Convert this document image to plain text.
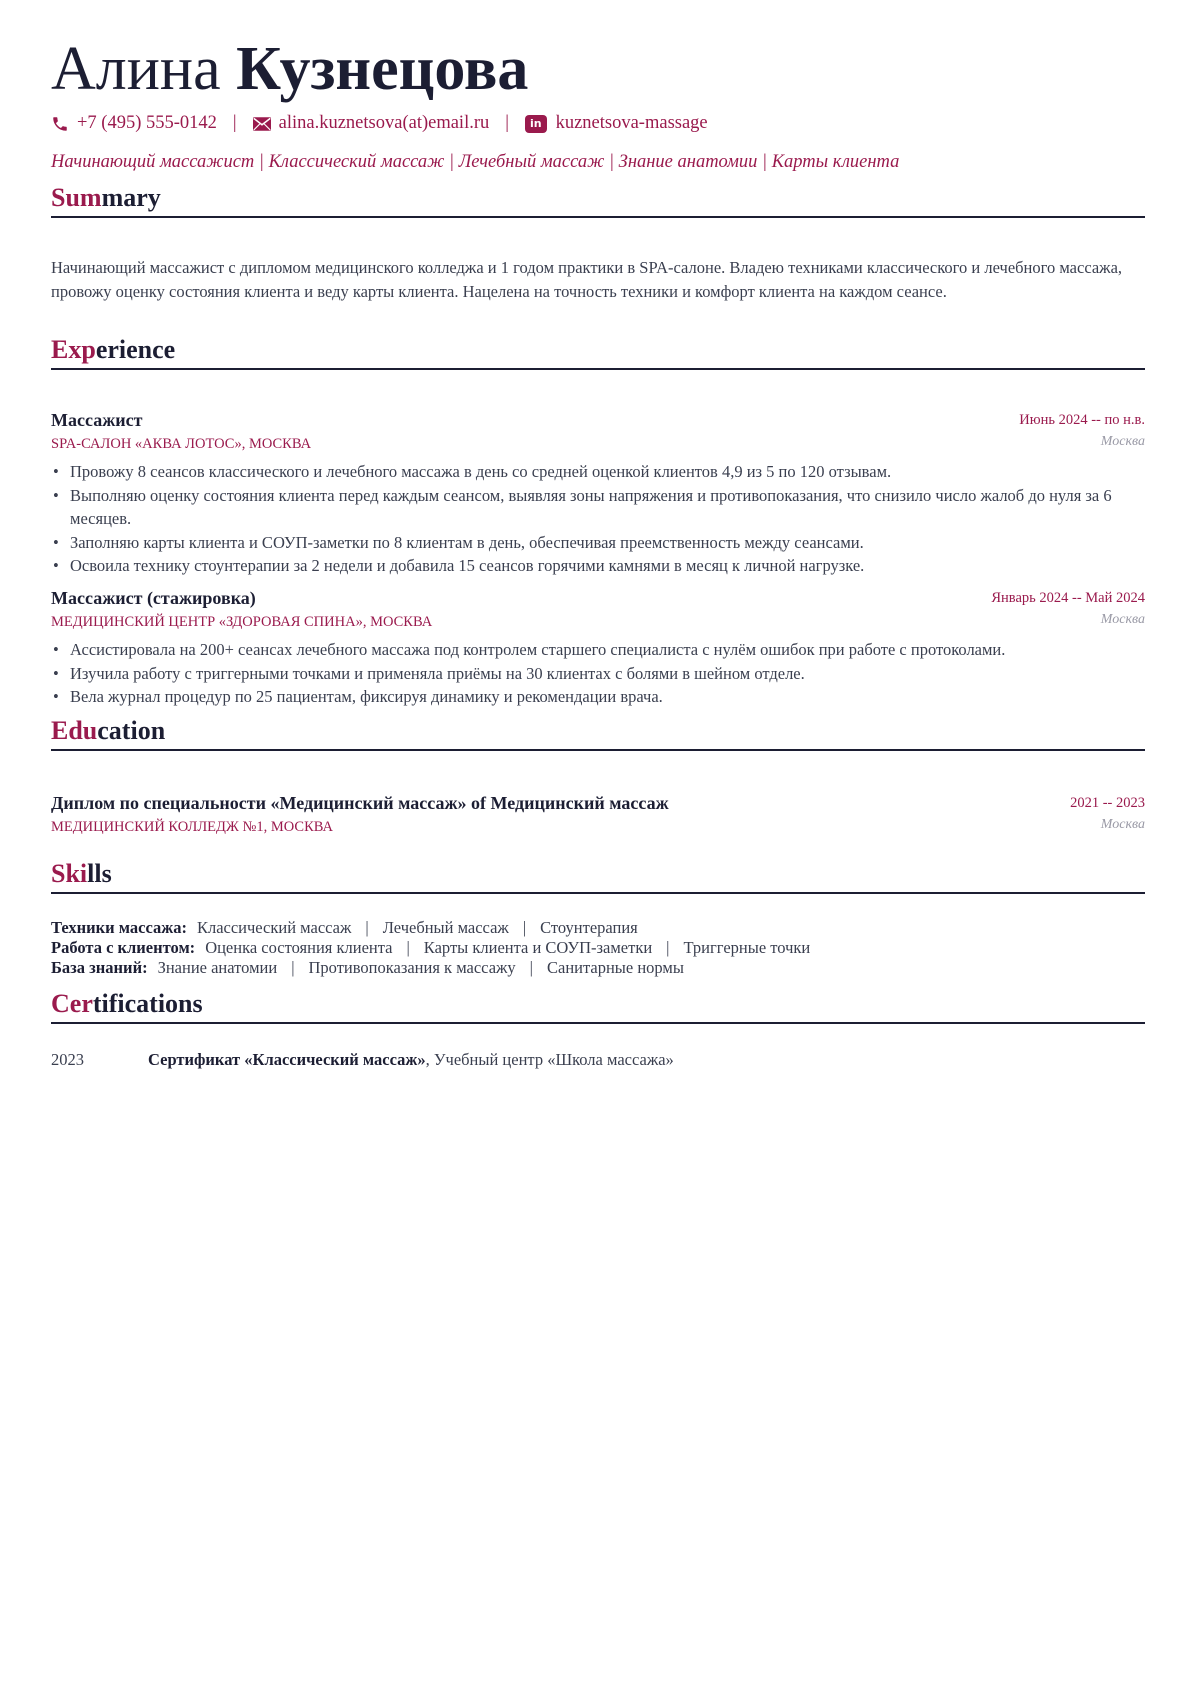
Алина Кузнецова
+7 (495) 555-0142 | alina.kuznetsova(at)email.ru |	in kuznetsova-massage
Начинающий массажист | Классический массаж | Лечебный массаж | Знание анатомии | Карты клиента
Summary

Начинающий массажист с дипломом медицинского колледжа и 1 годом практики в SPA-салоне. Владею техниками классического и лечебного массажа, провожу оценку состояния клиента и веду карты клиента. Нацелена на точность техники и комфорт клиента на каждом сеансе.

Experience
Массажист	Июнь 2024 -- по н.в.
SPA-САЛОН «АКВА ЛОТОС», МОСКВА	Москва
• Провожу 8 сеансов классического и лечебного массажа в день со средней оценкой клиентов 4,9 из 5 по 120 отзывам.
• Выполняю оценку состояния клиента перед каждым сеансом, выявляя зоны напряжения и противопоказания, что снизило число жалоб до нуля за 6 месяцев.
• Заполняю карты клиента и СОУП-заметки по 8 клиентам в день, обеспечивая преемственность между сеансами.
• Освоила технику стоунтерапии за 2 недели и добавила 15 сеансов горячими камнями в месяц к личной нагрузке.
Массажист (стажировка)	Январь 2024 -- Май 2024
МЕДИЦИНСКИЙ ЦЕНТР «ЗДОРОВАЯ СПИНА», МОСКВА	Москва
• Ассистировала на 200+ сеансах лечебного массажа под контролем старшего специалиста с нулём ошибок при работе с протоколами.
• Изучила работу с триггерными точками и применяла приёмы на 30 клиентах с болями в шейном отделе.
• Вела журнал процедур по 25 пациентам, фиксируя динамику и рекомендации врача.
Education
Диплом по специальности «Медицинский массаж» of Медицинский массаж	2021 -- 2023
МЕДИЦИНСКИЙ КОЛЛЕДЖ №1, МОСКВА	Москва
Skills
Техники массажа: Классический массаж | Лечебный массаж | Стоунтерапия
Работа с клиентом: Оценка состояния клиента | Карты клиента и СОУП-заметки | Триггерные точки
База знаний: Знание анатомии | Противопоказания к массажу | Санитарные нормы
Certifications
2023	Сертификат «Классический массаж», Учебный центр «Школа массажа»
